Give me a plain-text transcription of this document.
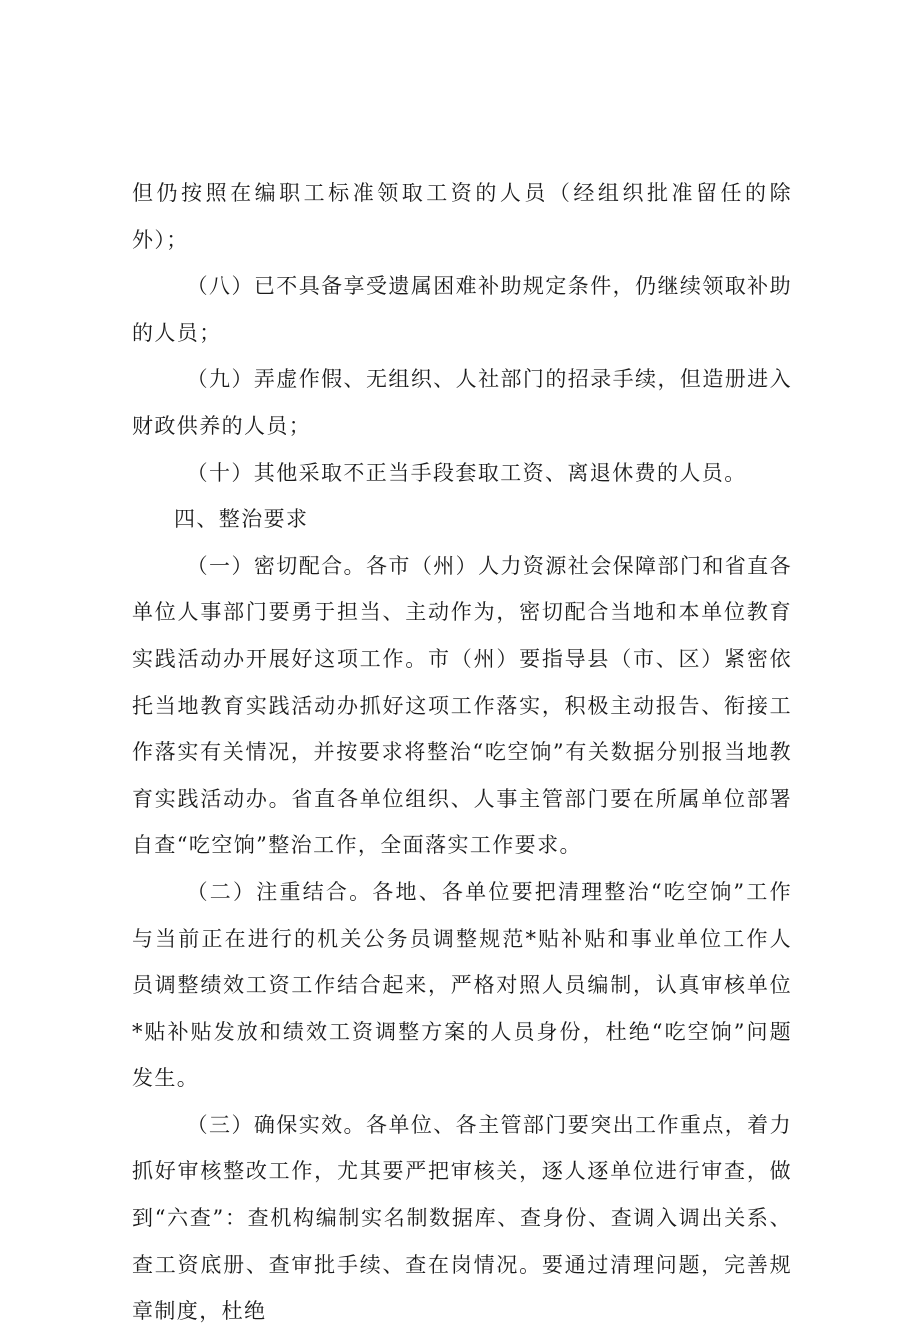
但仍按照在编职工标准领取工资的人员（经组织批准留任的除外）；

（八）已不具备享受遗属困难补助规定条件，仍继续领取补助的人员；

（九）弄虚作假、无组织、人社部门的招录手续，但造册进入财政供养的人员；

（十）其他采取不正当手段套取工资、离退休费的人员。

四、整治要求

（一）密切配合。各市（州）人力资源社会保障部门和省直各单位人事部门要勇于担当、主动作为，密切配合当地和本单位教育实践活动办开展好这项工作。市（州）要指导县（市、区）紧密依托当地教育实践活动办抓好这项工作落实，积极主动报告、衔接工作落实有关情况，并按要求将整治“吃空饷”有关数据分别报当地教育实践活动办。省直各单位组织、人事主管部门要在所属单位部署自查“吃空饷”整治工作，全面落实工作要求。

（二）注重结合。各地、各单位要把清理整治“吃空饷”工作与当前正在进行的机关公务员调整规范*贴补贴和事业单位工作人员调整绩效工资工作结合起来，严格对照人员编制，认真审核单位*贴补贴发放和绩效工资调整方案的人员身份，杜绝“吃空饷”问题发生。

（三）确保实效。各单位、各主管部门要突出工作重点，着力抓好审核整改工作，尤其要严把审核关，逐人逐单位进行审查，做到“六查”：查机构编制实名制数据库、查身份、查调入调出关系、查工资底册、查审批手续、查在岗情况。要通过清理问题，完善规章制度，杜绝
